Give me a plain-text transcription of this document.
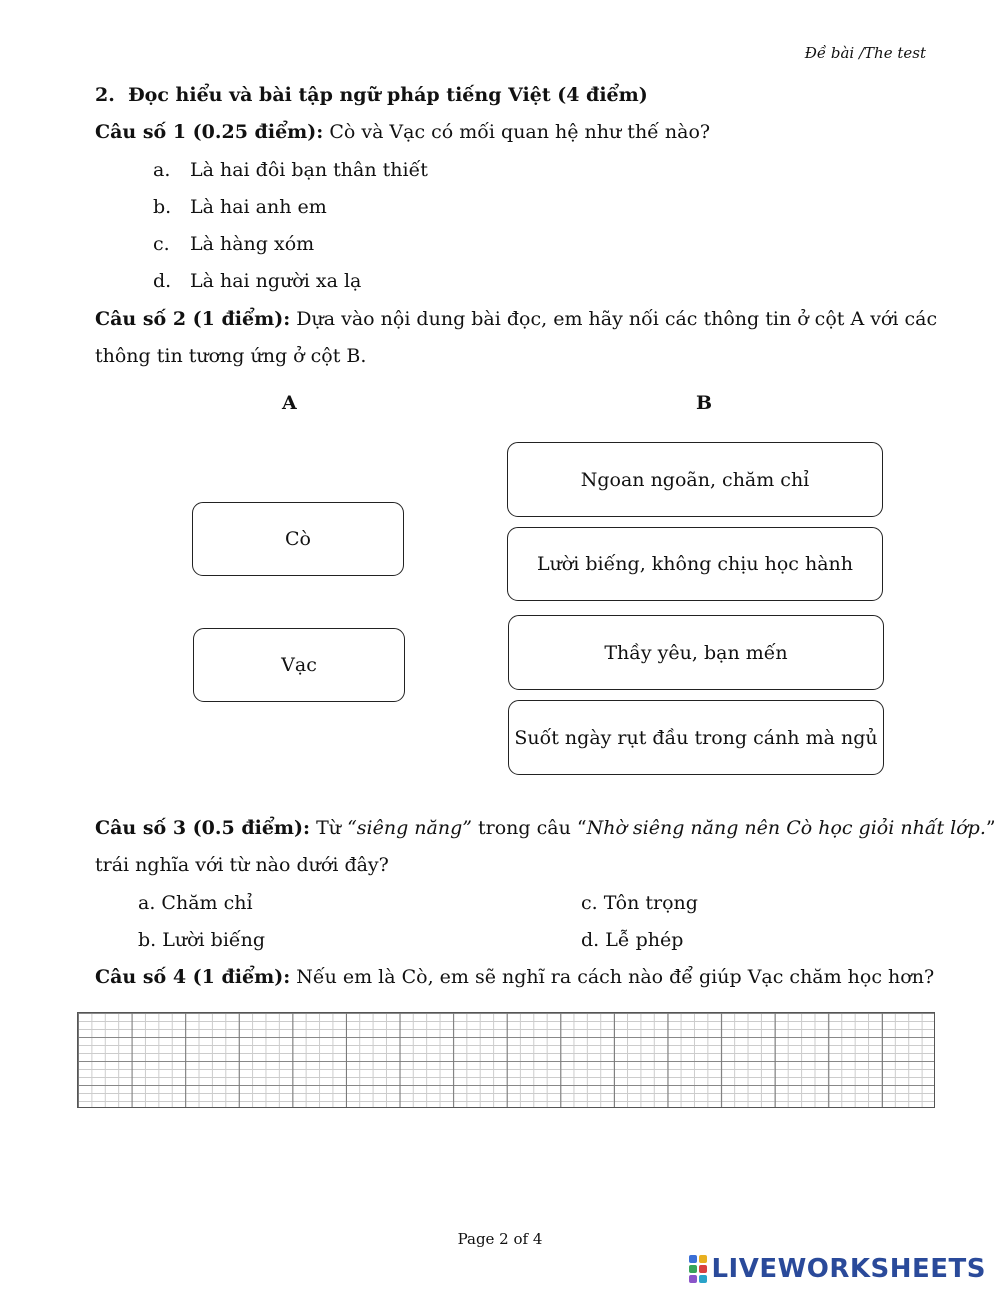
Đề bài /The test
2. Đọc hiểu và bài tập ngữ pháp tiếng Việt (4 điểm)
Câu số 1 (0.25 điểm): Cò và Vạc có mối quan hệ như thế nào?
a. Là hai đôi bạn thân thiết
b. Là hai anh em
c. Là hàng xóm
d. Là hai người xa lạ
Câu số 2 (1 điểm): Dựa vào nội dung bài đọc, em hãy nối các thông tin ở cột A với các
thông tin tương ứng ở cột B.
A	B
Cò
Vạc
Ngoan ngoãn, chăm chỉ
Lười biếng, không chịu học hành
Thầy yêu, bạn mến
Suốt ngày rụt đầu trong cánh mà ngủ
Câu số 3 (0.5 điểm): Từ “siêng năng” trong câu “Nhờ siêng năng nên Cò học giỏi nhất lớp.”
trái nghĩa với từ nào dưới đây?
a. Chăm chỉ	c. Tôn trọng
b. Lười biếng	d. Lễ phép
Câu số 4 (1 điểm): Nếu em là Cò, em sẽ nghĩ ra cách nào để giúp Vạc chăm học hơn?
Page 2 of 4
LIVEWORKSHEETS
